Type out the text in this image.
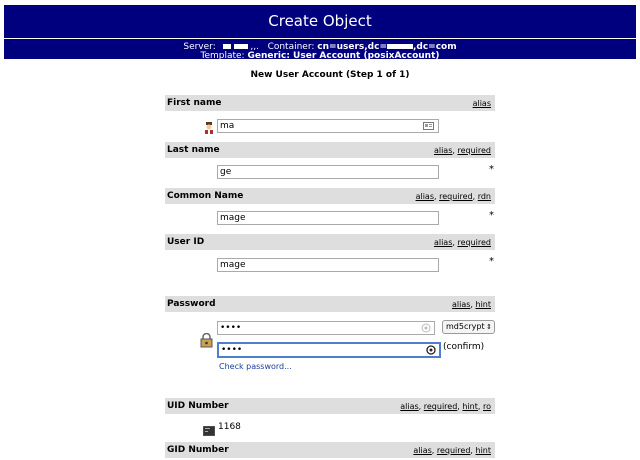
Create Object
Server:	,,. Container: cn=users,dc=	,dc=com
Template: Generic: User Account (posixAccount)
New User Account (Step 1 of 1)
First name	alias
ma
Last name	alias, required
ge	*
Common Name	alias, required, rdn
mage	*
User ID	alias, required
mage	*
Password	alias, hint
••••	md5crypt ⇕
••••	(confirm)
Check password...
UID Number	alias, required, hint, ro
1168
GID Number	alias, required, hint
